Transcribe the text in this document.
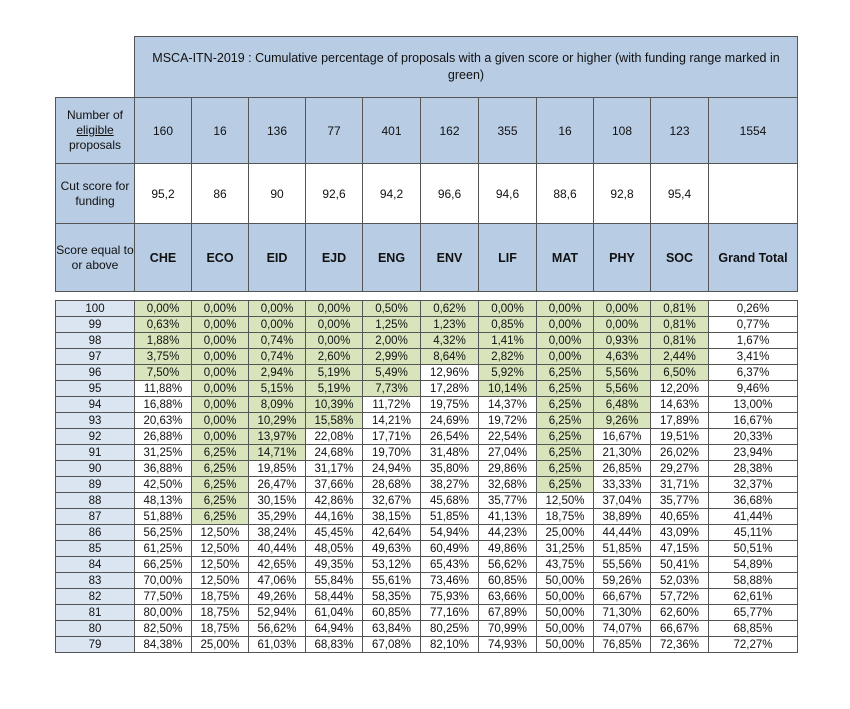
	MSCA-ITN-2019 : Cumulative percentage of proposals with a given score or higher (with funding range marked in green)										
Number of
eligible
proposals	160	16	136	77	401	162	355	16	108	123	1554
Cut score for funding	95,2	86	90	92,6	94,2	96,6	94,6	88,6	92,8	95,4	
Score equal to or above	CHE	ECO	EID	EJD	ENG	ENV	LIF	MAT	PHY	SOC	Grand Total

100	0,00%	0,00%	0,00%	0,00%	0,50%	0,62%	0,00%	0,00%	0,00%	0,81%	0,26%
99	0,63%	0,00%	0,00%	0,00%	1,25%	1,23%	0,85%	0,00%	0,00%	0,81%	0,77%
98	1,88%	0,00%	0,74%	0,00%	2,00%	4,32%	1,41%	0,00%	0,93%	0,81%	1,67%
97	3,75%	0,00%	0,74%	2,60%	2,99%	8,64%	2,82%	0,00%	4,63%	2,44%	3,41%
96	7,50%	0,00%	2,94%	5,19%	5,49%	12,96%	5,92%	6,25%	5,56%	6,50%	6,37%
95	11,88%	0,00%	5,15%	5,19%	7,73%	17,28%	10,14%	6,25%	5,56%	12,20%	9,46%
94	16,88%	0,00%	8,09%	10,39%	11,72%	19,75%	14,37%	6,25%	6,48%	14,63%	13,00%
93	20,63%	0,00%	10,29%	15,58%	14,21%	24,69%	19,72%	6,25%	9,26%	17,89%	16,67%
92	26,88%	0,00%	13,97%	22,08%	17,71%	26,54%	22,54%	6,25%	16,67%	19,51%	20,33%
91	31,25%	6,25%	14,71%	24,68%	19,70%	31,48%	27,04%	6,25%	21,30%	26,02%	23,94%
90	36,88%	6,25%	19,85%	31,17%	24,94%	35,80%	29,86%	6,25%	26,85%	29,27%	28,38%
89	42,50%	6,25%	26,47%	37,66%	28,68%	38,27%	32,68%	6,25%	33,33%	31,71%	32,37%
88	48,13%	6,25%	30,15%	42,86%	32,67%	45,68%	35,77%	12,50%	37,04%	35,77%	36,68%
87	51,88%	6,25%	35,29%	44,16%	38,15%	51,85%	41,13%	18,75%	38,89%	40,65%	41,44%
86	56,25%	12,50%	38,24%	45,45%	42,64%	54,94%	44,23%	25,00%	44,44%	43,09%	45,11%
85	61,25%	12,50%	40,44%	48,05%	49,63%	60,49%	49,86%	31,25%	51,85%	47,15%	50,51%
84	66,25%	12,50%	42,65%	49,35%	53,12%	65,43%	56,62%	43,75%	55,56%	50,41%	54,89%
83	70,00%	12,50%	47,06%	55,84%	55,61%	73,46%	60,85%	50,00%	59,26%	52,03%	58,88%
82	77,50%	18,75%	49,26%	58,44%	58,35%	75,93%	63,66%	50,00%	66,67%	57,72%	62,61%
81	80,00%	18,75%	52,94%	61,04%	60,85%	77,16%	67,89%	50,00%	71,30%	62,60%	65,77%
80	82,50%	18,75%	56,62%	64,94%	63,84%	80,25%	70,99%	50,00%	74,07%	66,67%	68,85%
79	84,38%	25,00%	61,03%	68,83%	67,08%	82,10%	74,93%	50,00%	76,85%	72,36%	72,27%
